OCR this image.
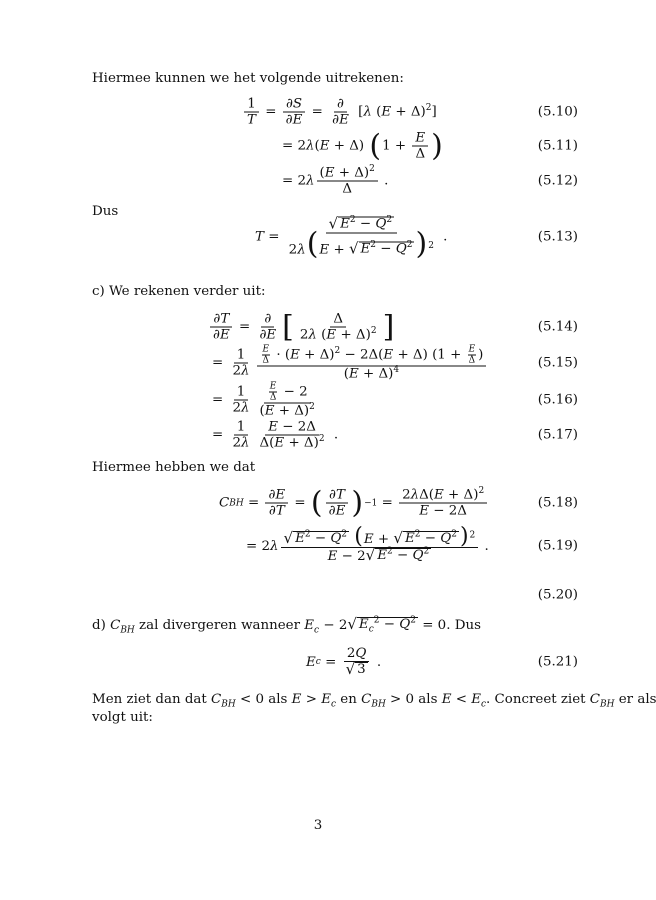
Hiermee kunnen we het volgende uitrekenen:
$\frac{1}{T} = \frac{\partial S}{\partial E} = \frac{\partial}{\partial E} [\lambda$ $(E + \Delta)^2$]	(5.10)
= 2λ(E + Δ) ( $1 + \frac{E}{\Delta}$ )	(5.11)
= $2\lambda \frac{(E + \Delta)^2}{\Delta}$ .	(5.12)
Dus
$T = \frac{√ E^2 - Q^2}{2\lambda(E + √ E^2 - Q^2 )^2}$ .	(5.13)
c) We rekenen verder uit:
$\frac{\partial T}{\partial E} = \frac{\partial}{\partial E}$ [ $\frac{\Delta}{2\lambda (E + \Delta)^2}$ ]	(5.14)
= $\frac{1}{2\lambda} \frac{\frac{E}{\Delta} \cdot (E + \Delta)^2 - 2\Delta(E + \Delta) (1 + \frac{E}{\Delta} )}{(E + \Delta)^4}$	(5.15)
= $\frac{1}{2\lambda} \frac{\frac{E}{\Delta} - 2}{(E + \Delta)^2}$	(5.16)
= $\frac{1}{2\lambda} \frac{E - 2\Delta}{\Delta(E + \Delta)^2}$ .	(5.17)
Hiermee hebben we dat
C BH = $\frac{\partial E}{\partial T}$ = ( $\frac{\partial T}{\partial E}$ ) $-1 = \frac{2\lambda\Delta(E + \Delta)^2}{E - 2\Delta}$	(5.18)
= $2\lambda \frac{√ E^2 - Q^2 (E + √ E^2 - Q^2 )^2}{E - 2 √ E^2 - Q^2}$ .	(5.19)
(5.20)
d) $C_{BH}$ zal divergeren wanneer $E_c - 2$ √ $E_c^2 - Q^2 = 0$. Dus
E $c = \frac{2Q}{√ 3}$ .	(5.21)
Men ziet dan dat $C_{BH} < 0$ als $E > E_c$ en $C_{BH} > 0$ als $E < E_c$. Concreet ziet $C_{BH}$ er als
volgt uit:
3
